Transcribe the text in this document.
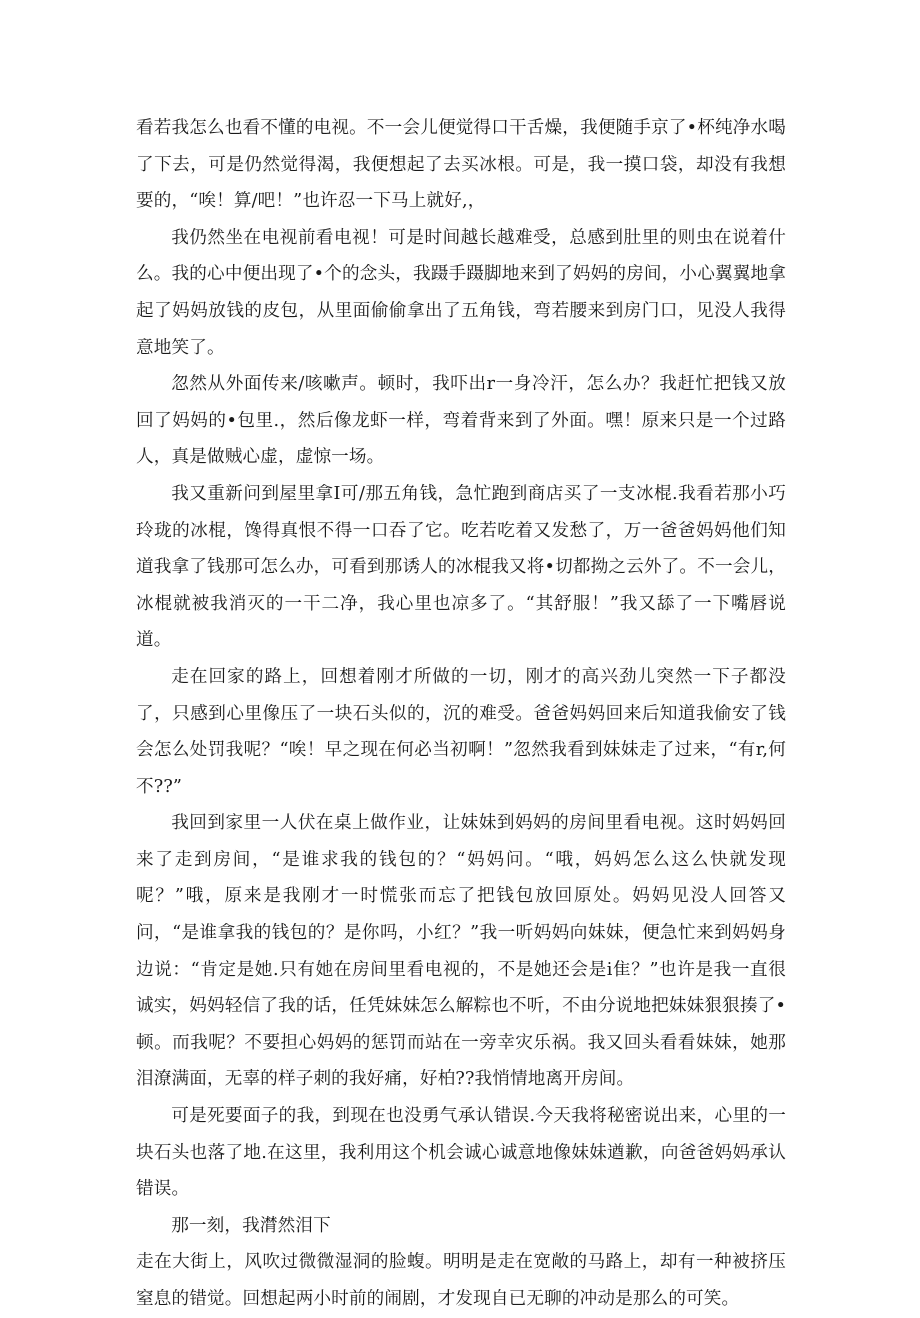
看若我怎么也看不懂的电视。不一会儿便觉得口干舌燥，我便随手京了•杯纯净水喝了下去，可是仍然觉得渴，我便想起了去买冰根。可是，我一摸口袋，却没有我想要的，“唉！算/吧！”也许忍一下马上就好,，

我仍然坐在电视前看电视！可是时间越长越难受，总感到肚里的则虫在说着什么。我的心中便出现了•个的念头，我蹑手蹑脚地来到了妈妈的房间，小心翼翼地拿起了妈妈放钱的皮包，从里面偷偷拿出了五角钱，弯若腰来到房门口，见没人我得意地笑了。

忽然从外面传来/咳嗽声。顿时，我吓出r一身冷汗，怎么办？我赶忙把钱又放回了妈妈的•包里.，然后像龙虾一样，弯着背来到了外面。嘿！原来只是一个过路人，真是做贼心虚，虚惊一场。

我又重新问到屋里拿I可/那五角钱，急忙跑到商店买了一支冰棍.我看若那小巧玲珑的冰棍，馋得真恨不得一口吞了它。吃若吃着又发愁了，万一爸爸妈妈他们知道我拿了钱那可怎么办，可看到那诱人的冰棍我又将•切都拗之云外了。不一会儿，冰棍就被我消灭的一干二净，我心里也凉多了。“其舒服！”我又舔了一下嘴唇说道。

走在回家的路上，回想着刚才所做的一切，刚才的高兴劲儿突然一下子都没了，只感到心里像压了一块石头似的，沉的难受。爸爸妈妈回来后知道我偷安了钱会怎么处罚我呢？“唉！早之现在何必当初啊！”忽然我看到妹妹走了过来，“有r,何不??”

我回到家里一人伏在桌上做作业，让妹妹到妈妈的房间里看电视。这时妈妈回来了走到房间，“是谁求我的钱包的？“妈妈问。“哦，妈妈怎么这么快就发现呢？”哦，原来是我刚才一时慌张而忘了把钱包放回原处。妈妈见没人回答又问，“是谁拿我的钱包的？是你吗，小红？”我一听妈妈向妹妹，便急忙来到妈妈身边说：“肯定是她.只有她在房间里看电视的，不是她还会是i隹？”也许是我一直很诚实，妈妈轻信了我的话，任凭妹妹怎么解粽也不听，不由分说地把妹妹狠狠揍了•顿。而我呢？不要担心妈妈的惩罚而站在一旁幸灾乐祸。我又回头看看妹妹，她那泪潦满面，无辜的样子刺的我好痛，好柏??我悄情地离开房间。

可是死要面子的我，到现在也没勇气承认错误.今天我将秘密说出来，心里的一块石头也落了地.在这里，我利用这个机会诚心诚意地像妹妹遒歉，向爸爸妈妈承认错误。

那一刻，我潸然泪下

走在大街上，风吹过微微湿洞的脸蝮。明明是走在宽敞的马路上，却有一种被挤压窒息的错觉。回想起两小时前的闹剧，才发现自已无聊的冲动是那么的可笑。
